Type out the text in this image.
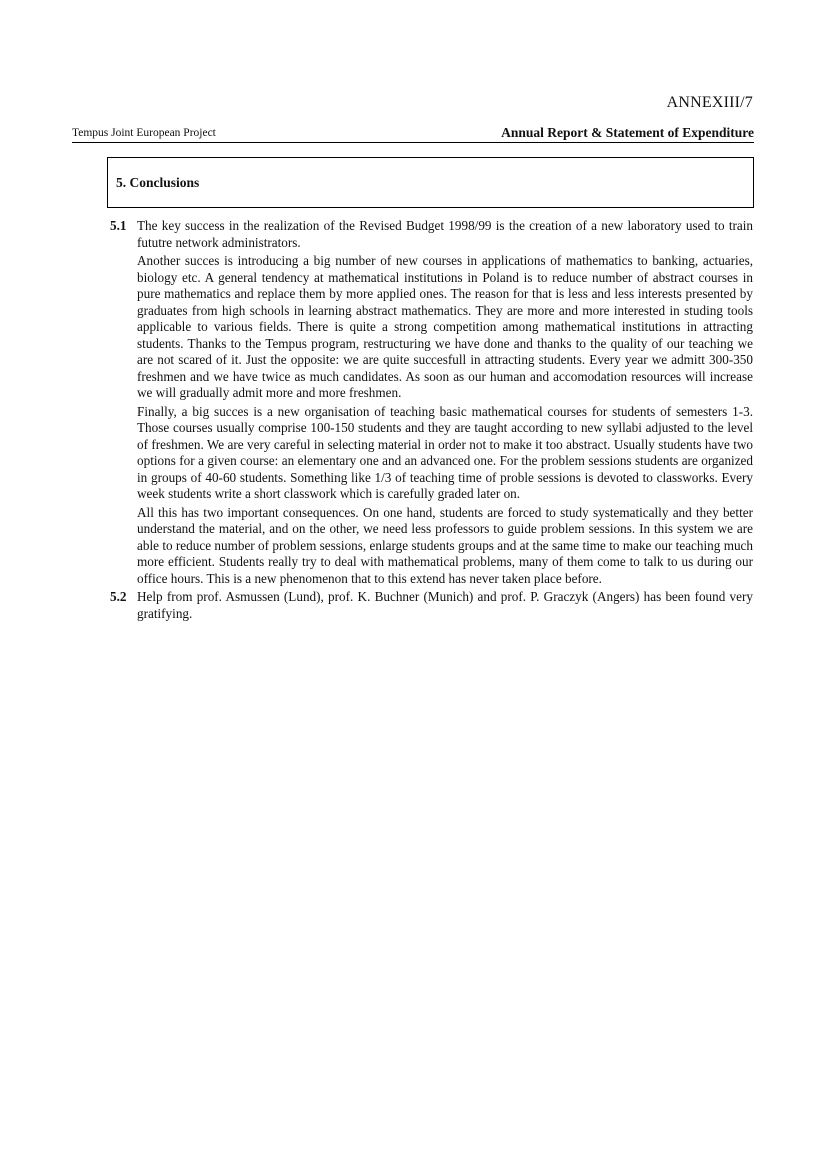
ANNEXIII/7
Tempus Joint European Project	Annual Report & Statement of Expenditure
5. Conclusions
5.1 The key success in the realization of the Revised Budget 1998/99 is the creation of a new laboratory used to train fututre network administrators.

Another succes is introducing a big number of new courses in applications of mathematics to banking, actuaries, biology etc. A general tendency at mathematical institutions in Poland is to reduce number of abstract courses in pure mathematics and replace them by more applied ones. The reason for that is less and less interests presented by graduates from high schools in learning abstract mathematics. They are more and more interested in studing tools applicable to various fields. There is quite a strong competition among mathematical institutions in attracting students. Thanks to the Tempus program, restructuring we have done and thanks to the quality of our teaching we are not scared of it. Just the opposite: we are quite succesfull in attracting students. Every year we admitt 300-350 freshmen and we have twice as much candidates. As soon as our human and accomodation resources will increase we will gradually admit more and more freshmen.

Finally, a big succes is a new organisation of teaching basic mathematical courses for students of semesters 1-3. Those courses usually comprise 100-150 students and they are taught according to new syllabi adjusted to the level of freshmen. We are very careful in selecting material in order not to make it too abstract. Usually students have two options for a given course: an elementary one and an advanced one. For the problem sessions students are organized in groups of 40-60 students. Something like 1/3 of teaching time of proble sessions is devoted to classworks. Every week students write a short classwork which is carefully graded later on.

All this has two important consequences. On one hand, students are forced to study systematically and they better understand the material, and on the other, we need less professors to guide problem sessions. In this system we are able to reduce number of problem sessions, enlarge students groups and at the same time to make our teaching much more efficient. Students really try to deal with mathematical problems, many of them come to talk to us during our office hours. This is a new phenomenon that to this extend has never taken place before.

5.2 Help from prof. Asmussen (Lund), prof. K. Buchner (Munich) and prof. P. Graczyk (Angers) has been found very gratifying.
